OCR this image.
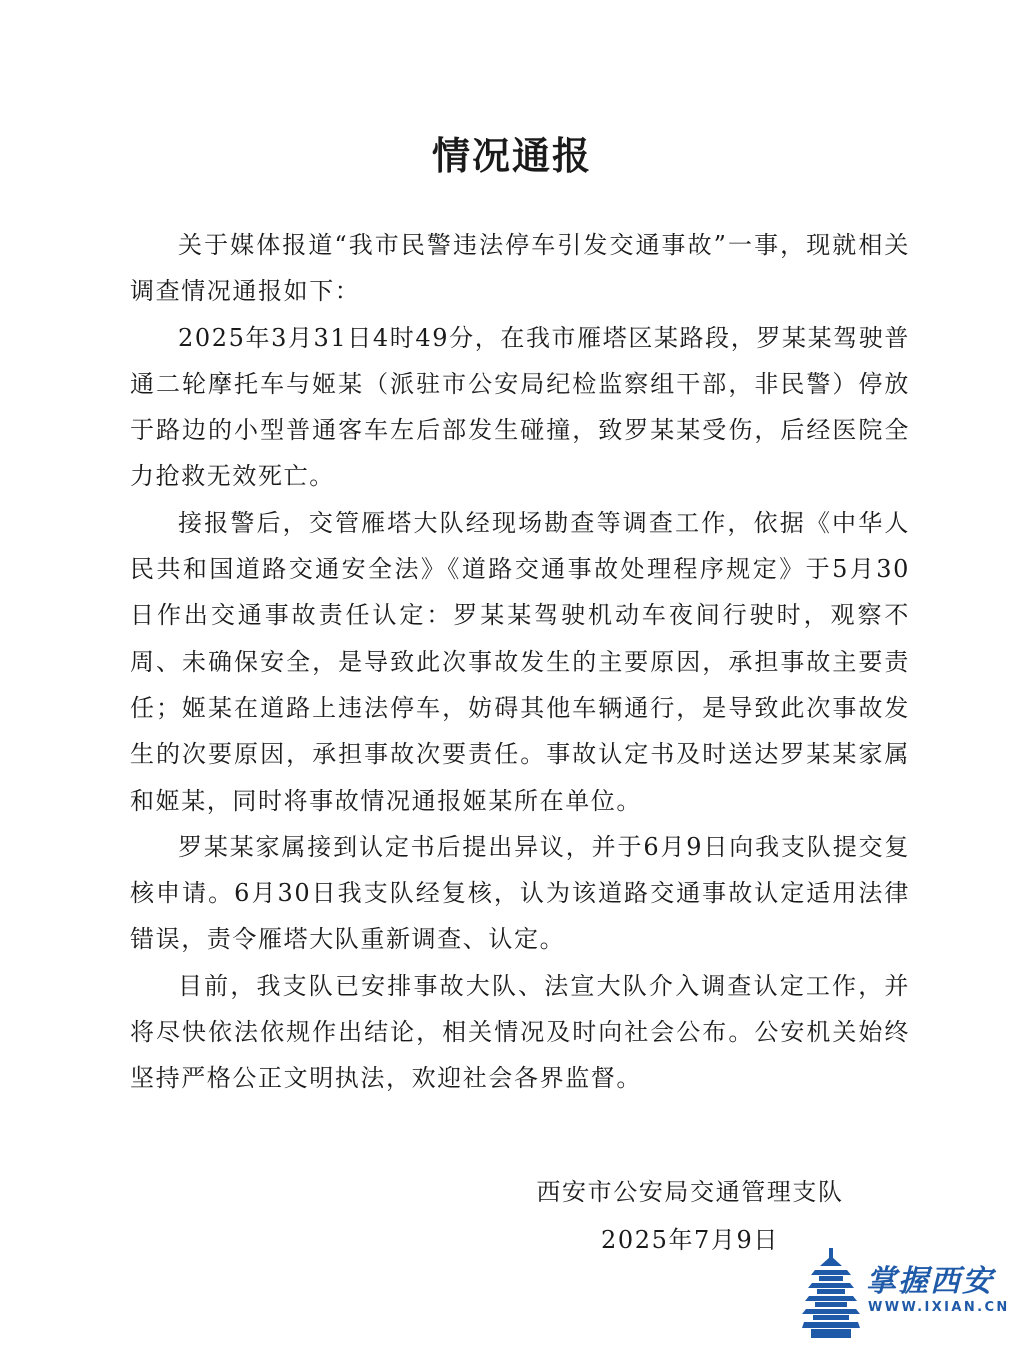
情况通报

关于媒体报道“我市民警违法停车引发交通事故”一事，现就相关调查情况通报如下：

2025年3月31日4时49分，在我市雁塔区某路段，罗某某驾驶普通二轮摩托车与姬某（派驻市公安局纪检监察组干部，非民警）停放于路边的小型普通客车左后部发生碰撞，致罗某某受伤，后经医院全力抢救无效死亡。

接报警后，交管雁塔大队经现场勘查等调查工作，依据《中华人民共和国道路交通安全法》《道路交通事故处理程序规定》于5月30日作出交通事故责任认定：罗某某驾驶机动车夜间行驶时，观察不周、未确保安全，是导致此次事故发生的主要原因，承担事故主要责任；姬某在道路上违法停车，妨碍其他车辆通行，是导致此次事故发生的次要原因，承担事故次要责任。事故认定书及时送达罗某某家属和姬某，同时将事故情况通报姬某所在单位。

罗某某家属接到认定书后提出异议，并于6月9日向我支队提交复核申请。6月30日我支队经复核，认为该道路交通事故认定适用法律错误，责令雁塔大队重新调查、认定。

目前，我支队已安排事故大队、法宣大队介入调查认定工作，并将尽快依法依规作出结论，相关情况及时向社会公布。公安机关始终坚持严格公正文明执法，欢迎社会各界监督。

西安市公安局交通管理支队
2025年7月9日
掌握西安
WWW.IXIAN.CN
